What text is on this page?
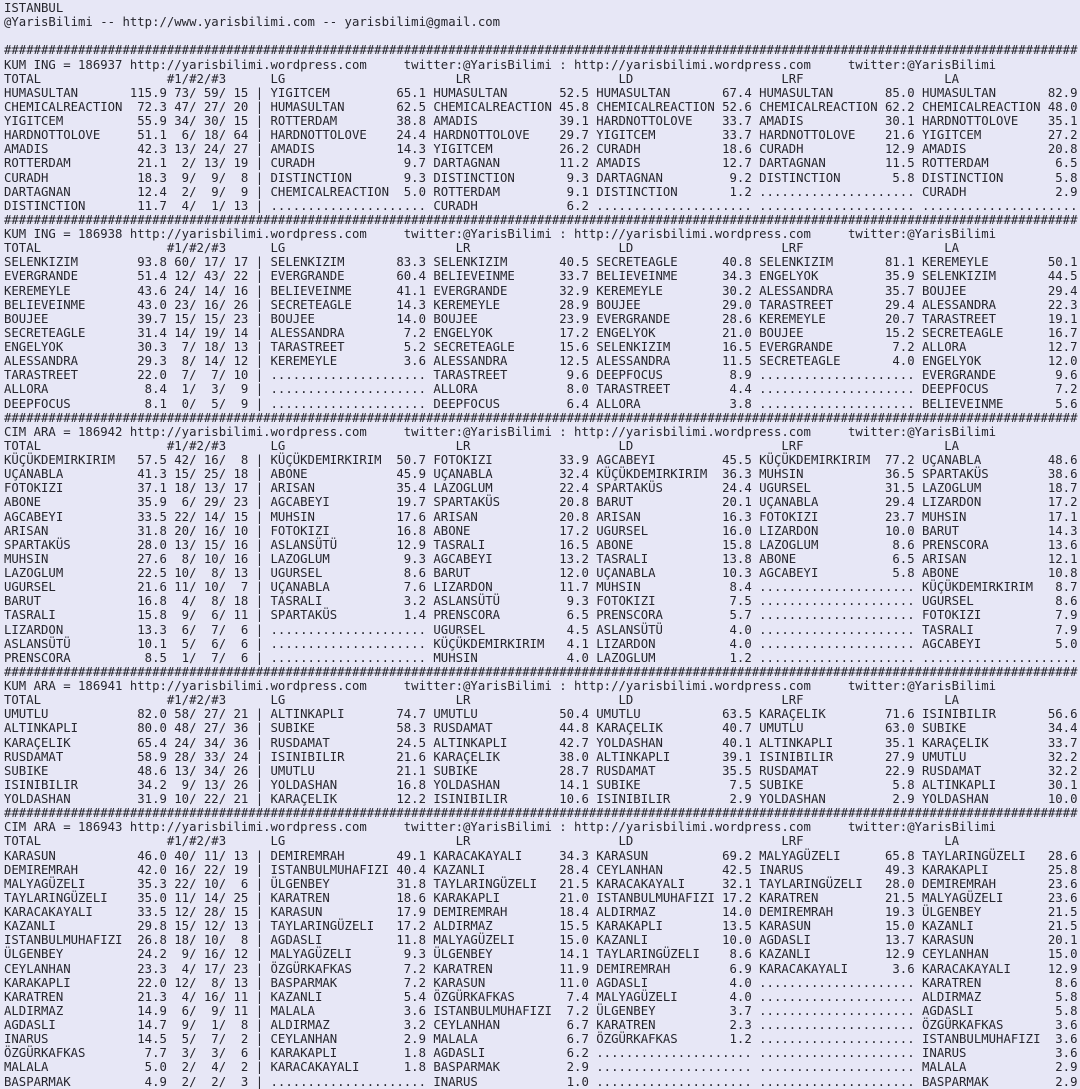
ISTANBUL
@YarisBilimi -- http://www.yarisbilimi.com -- yarisbilimi@gmail.com

#################################################################################################################################################
KUM ING = 186937 http://yarisbilimi.wordpress.com     twitter:@YarisBilimi : http://yarisbilimi.wordpress.com     twitter:@YarisBilimi
TOTAL                 #1/#2/#3      LG                       LR                    LD                    LRF                   LA
HUMASULTAN       115.9 73/ 59/ 15 | YIGITCEM         65.1 HUMASULTAN       52.5 HUMASULTAN       67.4 HUMASULTAN       85.0 HUMASULTAN       82.9
CHEMICALREACTION  72.3 47/ 27/ 20 | HUMASULTAN       62.5 CHEMICALREACTION 45.8 CHEMICALREACTION 52.6 CHEMICALREACTION 62.2 CHEMICALREACTION 48.0
YIGITCEM          55.9 34/ 30/ 15 | ROTTERDAM        38.8 AMADIS           39.1 HARDNOTTOLOVE    33.7 AMADIS           30.1 HARDNOTTOLOVE    35.1
HARDNOTTOLOVE     51.1  6/ 18/ 64 | HARDNOTTOLOVE    24.4 HARDNOTTOLOVE    29.7 YIGITCEM         33.7 HARDNOTTOLOVE    21.6 YIGITCEM         27.2
AMADIS            42.3 13/ 24/ 27 | AMADIS           14.3 YIGITCEM         26.2 CURADH           18.6 CURADH           12.9 AMADIS           20.8
ROTTERDAM         21.1  2/ 13/ 19 | CURADH            9.7 DARTAGNAN        11.2 AMADIS           12.7 DARTAGNAN        11.5 ROTTERDAM         6.5
CURADH            18.3  9/  9/  8 | DISTINCTION       9.3 DISTINCTION       9.3 DARTAGNAN         9.2 DISTINCTION       5.8 DISTINCTION       5.8
DARTAGNAN         12.4  2/  9/  9 | CHEMICALREACTION  5.0 ROTTERDAM         9.1 DISTINCTION       1.2 ..................... CURADH            2.9
DISTINCTION       11.7  4/  1/ 13 | ..................... CURADH            6.2 ..................... ..................... .....................
#################################################################################################################################################
KUM ING = 186938 http://yarisbilimi.wordpress.com     twitter:@YarisBilimi : http://yarisbilimi.wordpress.com     twitter:@YarisBilimi
TOTAL                 #1/#2/#3      LG                       LR                    LD                    LRF                   LA
SELENKIZIM        93.8 60/ 17/ 17 | SELENKIZIM       83.3 SELENKIZIM       40.5 SECRETEAGLE      40.8 SELENKIZIM       81.1 KEREMEYLE        50.1
EVERGRANDE        51.4 12/ 43/ 22 | EVERGRANDE       60.4 BELIEVEINME      33.7 BELIEVEINME      34.3 ENGELYOK         35.9 SELENKIZIM       44.5
KEREMEYLE         43.6 24/ 14/ 16 | BELIEVEINME      41.1 EVERGRANDE       32.9 KEREMEYLE        30.2 ALESSANDRA       35.7 BOUJEE           29.4
BELIEVEINME       43.0 23/ 16/ 26 | SECRETEAGLE      14.3 KEREMEYLE        28.9 BOUJEE           29.0 TARASTREET       29.4 ALESSANDRA       22.3
BOUJEE            39.7 15/ 15/ 23 | BOUJEE           14.0 BOUJEE           23.9 EVERGRANDE       28.6 KEREMEYLE        20.7 TARASTREET       19.1
SECRETEAGLE       31.4 14/ 19/ 14 | ALESSANDRA        7.2 ENGELYOK         17.2 ENGELYOK         21.0 BOUJEE           15.2 SECRETEAGLE      16.7
ENGELYOK          30.3  7/ 18/ 13 | TARASTREET        5.2 SECRETEAGLE      15.6 SELENKIZIM       16.5 EVERGRANDE        7.2 ALLORA           12.7
ALESSANDRA        29.3  8/ 14/ 12 | KEREMEYLE         3.6 ALESSANDRA       12.5 ALESSANDRA       11.5 SECRETEAGLE       4.0 ENGELYOK         12.0
TARASTREET        22.0  7/  7/ 10 | ..................... TARASTREET        9.6 DEEPFOCUS         8.9 ..................... EVERGRANDE        9.6
ALLORA             8.4  1/  3/  9 | ..................... ALLORA            8.0 TARASTREET        4.4 ..................... DEEPFOCUS         7.2
DEEPFOCUS          8.1  0/  5/  9 | ..................... DEEPFOCUS         6.4 ALLORA            3.8 ..................... BELIEVEINME       5.6
#################################################################################################################################################
CIM ARA = 186942 http://yarisbilimi.wordpress.com     twitter:@YarisBilimi : http://yarisbilimi.wordpress.com     twitter:@YarisBilimi
TOTAL                 #1/#2/#3      LG                       LR                    LD                    LRF                   LA
KÜÇÜKDEMIRKIRIM   57.5 42/ 16/  8 | KÜÇÜKDEMIRKIRIM  50.7 FOTOKIZI         33.9 AGCABEYI         45.5 KÜÇÜKDEMIRKIRIM  77.2 UÇANABLA         48.6
UÇANABLA          41.3 15/ 25/ 18 | ABONE            45.9 UÇANABLA         32.4 KÜÇÜKDEMIRKIRIM  36.3 MUHSIN           36.5 SPARTAKÜS        38.6
FOTOKIZI          37.1 18/ 13/ 17 | ARISAN           35.4 LAZOGLUM         22.4 SPARTAKÜS        24.4 UGURSEL          31.5 LAZOGLUM         18.7
ABONE             35.9  6/ 29/ 23 | AGCABEYI         19.7 SPARTAKÜS        20.8 BARUT            20.1 UÇANABLA         29.4 LIZARDON         17.2
AGCABEYI          33.5 22/ 14/ 15 | MUHSIN           17.6 ARISAN           20.8 ARISAN           16.3 FOTOKIZI         23.7 MUHSIN           17.1
ARISAN            31.8 20/ 16/ 10 | FOTOKIZI         16.8 ABONE            17.2 UGURSEL          16.0 LIZARDON         10.0 BARUT            14.3
SPARTAKÜS         28.0 13/ 15/ 16 | ASLANSÜTÜ        12.9 TASRALI          16.5 ABONE            15.8 LAZOGLUM          8.6 PRENSCORA        13.6
MUHSIN            27.6  8/ 10/ 16 | LAZOGLUM          9.3 AGCABEYI         13.2 TASRALI          13.8 ABONE             6.5 ARISAN           12.1
LAZOGLUM          22.5 10/  8/ 13 | UGURSEL           8.6 BARUT            12.0 UÇANABLA         10.3 AGCABEYI          5.8 ABONE            10.8
UGURSEL           21.6 11/ 10/  7 | UÇANABLA          7.6 LIZARDON         11.7 MUHSIN            8.4 ..................... KÜÇÜKDEMIRKIRIM   8.7
BARUT             16.8  4/  8/ 18 | TASRALI           3.2 ASLANSÜTÜ         9.3 FOTOKIZI          7.5 ..................... UGURSEL           8.6
TASRALI           15.8  9/  6/ 11 | SPARTAKÜS         1.4 PRENSCORA         6.5 PRENSCORA         5.7 ..................... FOTOKIZI          7.9
LIZARDON          13.3  6/  7/  6 | ..................... UGURSEL           4.5 ASLANSÜTÜ         4.0 ..................... TASRALI           7.9
ASLANSÜTÜ         10.1  5/  6/  6 | ..................... KÜÇÜKDEMIRKIRIM   4.1 LIZARDON          4.0 ..................... AGCABEYI          5.0
PRENSCORA          8.5  1/  7/  6 | ..................... MUHSIN            4.0 LAZOGLUM          1.2 ..................... .....................
#################################################################################################################################################
KUM ARA = 186941 http://yarisbilimi.wordpress.com     twitter:@YarisBilimi : http://yarisbilimi.wordpress.com     twitter:@YarisBilimi
TOTAL                 #1/#2/#3      LG                       LR                    LD                    LRF                   LA
UMUTLU            82.0 58/ 27/ 21 | ALTINKAPLI       74.7 UMUTLU           50.4 UMUTLU           63.5 KARAÇELIK        71.6 ISINIBILIR       56.6
ALTINKAPLI        80.0 48/ 27/ 36 | SUBIKE           58.3 RUSDAMAT         44.8 KARAÇELIK        40.7 UMUTLU           63.0 SUBIKE           34.4
KARAÇELIK         65.4 24/ 34/ 36 | RUSDAMAT         24.5 ALTINKAPLI       42.7 YOLDASHAN        40.1 ALTINKAPLI       35.1 KARAÇELIK        33.7
RUSDAMAT          58.9 28/ 33/ 24 | ISINIBILIR       21.6 KARAÇELIK        38.0 ALTINKAPLI       39.1 ISINIBILIR       27.9 UMUTLU           32.2
SUBIKE            48.6 13/ 34/ 26 | UMUTLU           21.1 SUBIKE           28.7 RUSDAMAT         35.5 RUSDAMAT         22.9 RUSDAMAT         32.2
ISINIBILIR        34.2  9/ 13/ 26 | YOLDASHAN        16.8 YOLDASHAN        14.1 SUBIKE            7.5 SUBIKE            5.8 ALTINKAPLI       30.1
YOLDASHAN         31.9 10/ 22/ 21 | KARAÇELIK        12.2 ISINIBILIR       10.6 ISINIBILIR        2.9 YOLDASHAN         2.9 YOLDASHAN        10.0
#################################################################################################################################################
CIM ARA = 186943 http://yarisbilimi.wordpress.com     twitter:@YarisBilimi : http://yarisbilimi.wordpress.com     twitter:@YarisBilimi
TOTAL                 #1/#2/#3      LG                       LR                    LD                    LRF                   LA
KARASUN           46.0 40/ 11/ 13 | DEMIREMRAH       49.1 KARACAKAYALI     34.3 KARASUN          69.2 MALYAGÜZELI      65.8 TAYLARINGÜZELI   28.6
DEMIREMRAH        42.0 16/ 22/ 19 | ISTANBULMUHAFIZI 40.4 KAZANLI          28.4 CEYLANHAN        42.5 INARUS           49.3 KARAKAPLI        25.8
MALYAGÜZELI       35.3 22/ 10/  6 | ÜLGENBEY         31.8 TAYLARINGÜZELI   21.5 KARACAKAYALI     32.1 TAYLARINGÜZELI   28.0 DEMIREMRAH       23.6
TAYLARINGÜZELI    35.0 11/ 14/ 25 | KARATREN         18.6 KARAKAPLI        21.0 ISTANBULMUHAFIZI 17.2 KARATREN         21.5 MALYAGÜZELI      23.6
KARACAKAYALI      33.5 12/ 28/ 15 | KARASUN          17.9 DEMIREMRAH       18.4 ALDIRMAZ         14.0 DEMIREMRAH       19.3 ÜLGENBEY         21.5
KAZANLI           29.8 15/ 12/ 13 | TAYLARINGÜZELI   17.2 ALDIRMAZ         15.5 KARAKAPLI        13.5 KARASUN          15.0 KAZANLI          21.5
ISTANBULMUHAFIZI  26.8 18/ 10/  8 | AGDASLI          11.8 MALYAGÜZELI      15.0 KAZANLI          10.0 AGDASLI          13.7 KARASUN          20.1
ÜLGENBEY          24.2  9/ 16/ 12 | MALYAGÜZELI       9.3 ÜLGENBEY         14.1 TAYLARINGÜZELI    8.6 KAZANLI          12.9 CEYLANHAN        15.0
CEYLANHAN         23.3  4/ 17/ 23 | ÖZGÜRKAFKAS       7.2 KARATREN         11.9 DEMIREMRAH        6.9 KARACAKAYALI      3.6 KARACAKAYALI     12.9
KARAKAPLI         22.0 12/  8/ 13 | BASPARMAK         7.2 KARASUN          11.0 AGDASLI           4.0 ..................... KARATREN          8.6
KARATREN          21.3  4/ 16/ 11 | KAZANLI           5.4 ÖZGÜRKAFKAS       7.4 MALYAGÜZELI       4.0 ..................... ALDIRMAZ          5.8
ALDIRMAZ          14.9  6/  9/ 11 | MALALA            3.6 ISTANBULMUHAFIZI  7.2 ÜLGENBEY          3.7 ..................... AGDASLI           5.8
AGDASLI           14.7  9/  1/  8 | ALDIRMAZ          3.2 CEYLANHAN         6.7 KARATREN          2.3 ..................... ÖZGÜRKAFKAS       3.6
INARUS            14.5  5/  7/  2 | CEYLANHAN         2.9 MALALA            6.7 ÖZGÜRKAFKAS       1.2 ..................... ISTANBULMUHAFIZI  3.6
ÖZGÜRKAFKAS        7.7  3/  3/  6 | KARAKAPLI         1.8 AGDASLI           6.2 ..................... ..................... INARUS            3.6
MALALA             5.0  2/  4/  2 | KARACAKAYALI      1.8 BASPARMAK         2.9 ..................... ..................... MALALA            2.9
BASPARMAK          4.9  2/  2/  3 | ..................... INARUS            1.0 ..................... ..................... BASPARMAK         2.9
